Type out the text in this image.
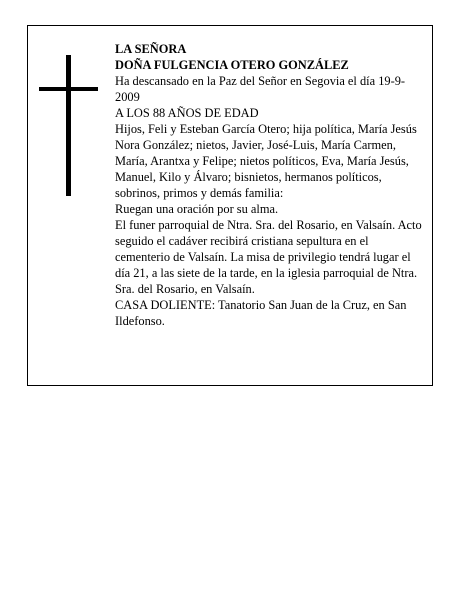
LA SEÑORA

DOÑA FULGENCIA OTERO GONZÁLEZ

Ha descansado en la Paz del Señor en Segovia el día 19-9-2009

A LOS 88 AÑOS DE EDAD

Hijos, Feli y Esteban García Otero; hija política, María Jesús Nora González; nietos, Javier, José-Luis, María Carmen, María, Arantxa y Felipe; nietos políticos, Eva, María Jesús, Manuel, Kilo y Álvaro; bisnietos, hermanos políticos, sobrinos, primos y demás familia:

Ruegan una oración por su alma.

El funer parroquial de Ntra. Sra. del Rosario, en Valsaín. Acto seguido el cadáver recibirá cristiana sepultura en el cementerio de Valsaín. La misa de privilegio tendrá lugar el día 21, a las siete de la tarde, en la iglesia parroquial de Ntra. Sra. del Rosario, en Valsaín.

CASA DOLIENTE: Tanatorio San Juan de la Cruz, en San Ildefonso.
